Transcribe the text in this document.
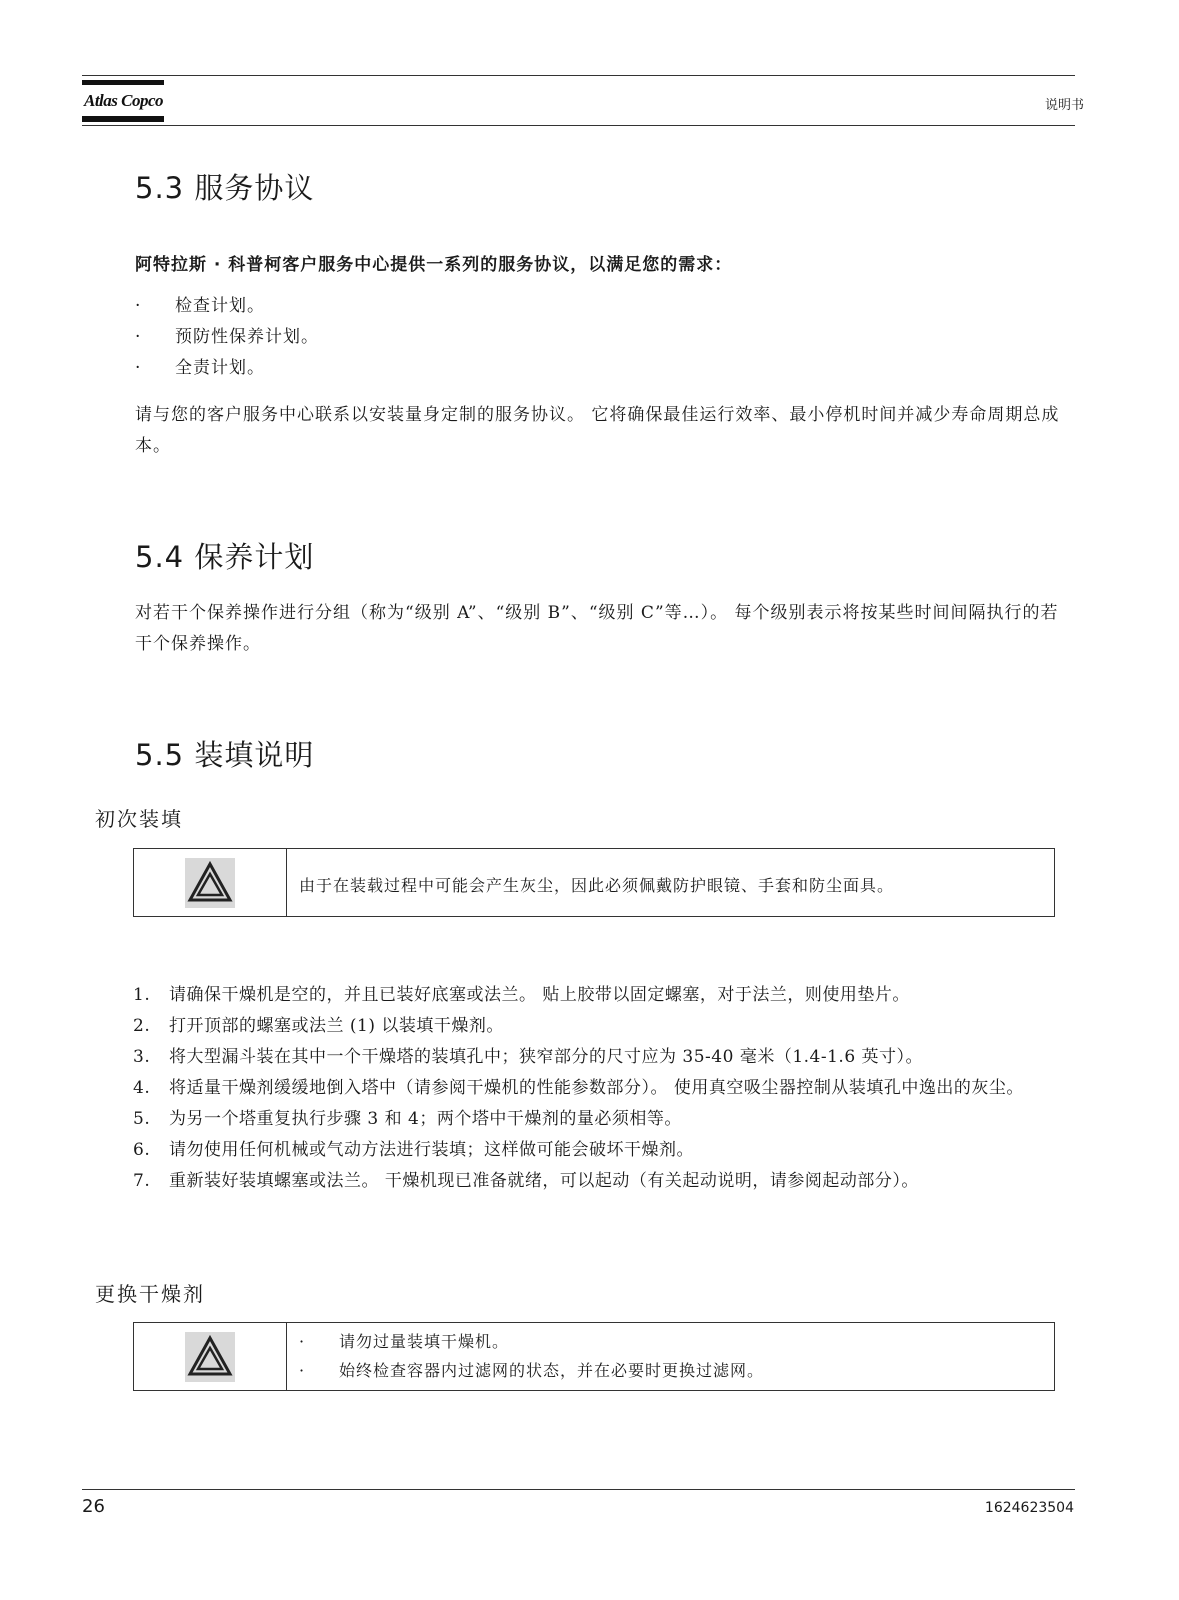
Atlas Copco	说明书
5.3 服务协议
阿特拉斯 · 科普柯客户服务中心提供一系列的服务协议，以满足您的需求：
· 检查计划。
· 预防性保养计划。
· 全责计划。
请与您的客户服务中心联系以安装量身定制的服务协议。 它将确保最佳运行效率、最小停机时间并减少寿命周期总成本。
5.4 保养计划
对若干个保养操作进行分组（称为“级别 A”、“级别 B”、“级别 C”等…）。 每个级别表示将按某些时间间隔执行的若干个保养操作。
5.5 装填说明
初次装填
由于在装载过程中可能会产生灰尘，因此必须佩戴防护眼镜、手套和防尘面具。
1. 请确保干燥机是空的，并且已装好底塞或法兰。 贴上胶带以固定螺塞，对于法兰，则使用垫片。
2. 打开顶部的螺塞或法兰 (1) 以装填干燥剂。
3. 将大型漏斗装在其中一个干燥塔的装填孔中；狭窄部分的尺寸应为 35-40 毫米（1.4-1.6 英寸）。
4. 将适量干燥剂缓缓地倒入塔中（请参阅干燥机的性能参数部分）。 使用真空吸尘器控制从装填孔中逸出的灰尘。
5. 为另一个塔重复执行步骤 3 和 4；两个塔中干燥剂的量必须相等。
6. 请勿使用任何机械或气动方法进行装填；这样做可能会破坏干燥剂。
7. 重新装好装填螺塞或法兰。 干燥机现已准备就绪，可以起动（有关起动说明，请参阅起动部分）。
更换干燥剂
· 请勿过量装填干燥机。
· 始终检查容器内过滤网的状态，并在必要时更换过滤网。
26	1624623504
